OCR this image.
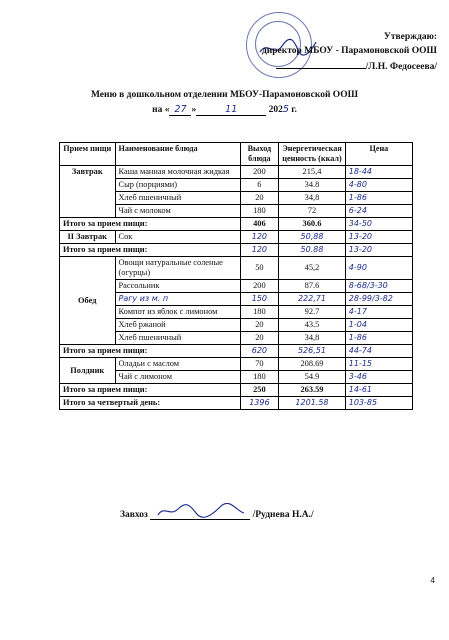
Утверждаю:
директор МБОУ - Парамоновской ООШ
/Л.Н. Федосеева/
Меню в дошкольном отделении МБОУ-Парамоновской ООШ
на « 27 »	11	2025 г.
Прием пищи	Наименование блюда	Выход блюда	Энергетическая ценность (ккал)	Цена
Завтрак	Каша манная молочная жидкая	200	215,4	18-44
	Сыр (порциями)	6	34.8	4-80
	Хлеб пшеничный	20	34,8	1-86
	Чай с молоком	180	72	6-24
Итого за прием пищи:		406	360.6	34-50
II Завтрак	Сок	120	50,88	13-20
Итого за прием пищи:		120	50.88	13-20
Обед	Овощи натуральные соленые (огурцы)	50	45,2	4-90
	Рассольник	200	87.6	8-68/3-30
	Рагу из м. п	150	222,71	28-99/3-82
	Компот из яблок с лимоном	180	92.7	4-17
	Хлеб ржаной	20	43.5	1-04
	Хлеб пшеничный	20	34,8	1-86
Итого за прием пищи:		620	526,51	44-74
Полдник	Оладьи с маслом	70	208.69	11-15
	Чай с лимоном	180	54.9	3-46
Итого за прием пищи:		250	263.59	14-61
Итого за четвертый день:		1396	1201.58	103-85
Завхоз	/Руднева Н.А./
4
